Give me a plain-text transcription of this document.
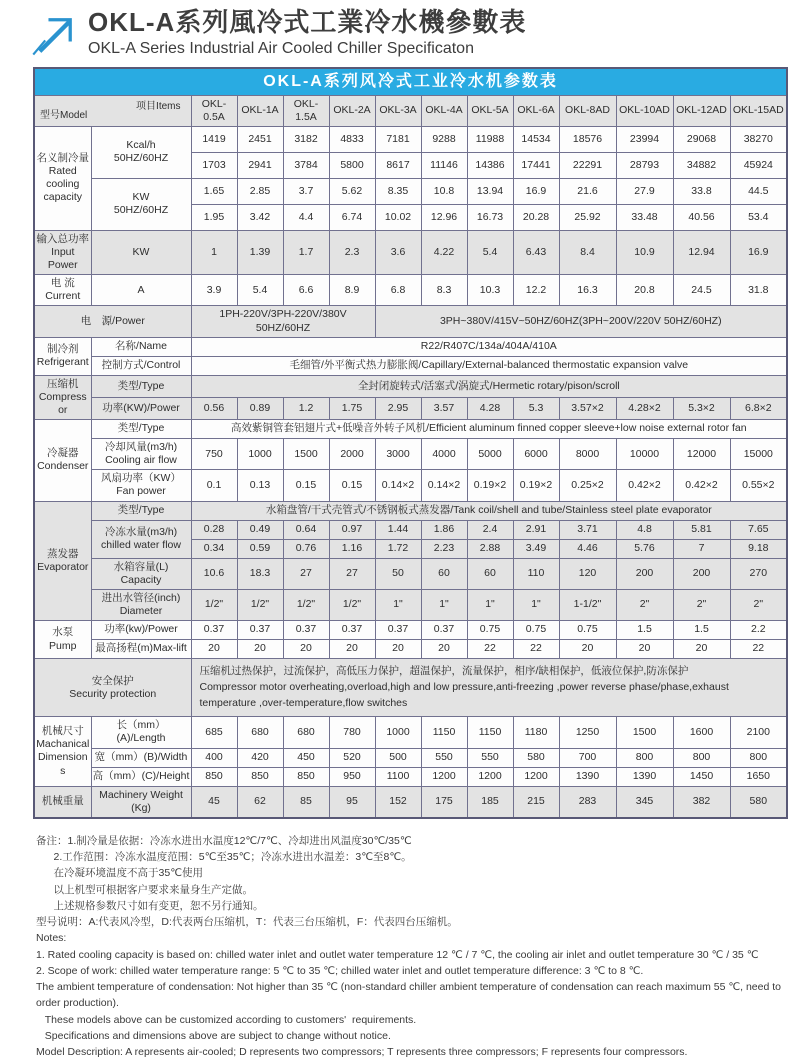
OKL-A系列風冷式工業冷水機參數表
OKL-A Series Industrial Air Cooled Chiller Specificaton
OKL-A系列风冷式工业冷水机参数表													

型号Model
项目Items		OKL-0.5A	OKL-1A	OKL-1.5A	OKL-2A	OKL-3A	OKL-4A	OKL-5A	OKL-6A	OKL-8AD	OKL-10AD	OKL-12AD	OKL-15AD
名义制冷量
Rated
cooling
capacity	Kcal/h
50HZ/60HZ	1419	2451	3182	4833	7181	9288	11988	14534	18576	23994	29068	38270
		1703	2941	3784	5800	8617	11146	14386	17441	22291	28793	34882	45924
	KW
50HZ/60HZ	1.65	2.85	3.7	5.62	8.35	10.8	13.94	16.9	21.6	27.9	33.8	44.5
		1.95	3.42	4.4	6.74	10.02	12.96	16.73	20.28	25.92	33.48	40.56	53.4
输入总功率
Input Power	KW	1	1.39	1.7	2.3	3.6	4.22	5.4	6.43	8.4	10.9	12.94	16.9
电 流
Current	A	3.9	5.4	6.6	8.9	6.8	8.3	10.3	12.2	16.3	20.8	24.5	31.8
电　源/Power		1PH-220V/3PH-220V/380V 50HZ/60HZ				3PH~380V/415V~50HZ/60HZ(3PH~200V/220V 50HZ/60HZ)							
制冷剂
Refrigerant	名称/Name	R22/R407C/134a/404A/410A											
	控制方式/Control	毛细管/外平衡式热力膨胀阀/Capillary/External-balanced thermostatic expansion valve											
压缩机
Compressor	类型/Type	全封闭旋转式/活塞式/涡旋式/Hermetic rotary/pison/scroll											
	功率(KW)/Power	0.56	0.89	1.2	1.75	2.95	3.57	4.28	5.3	3.57×2	4.28×2	5.3×2	6.8×2
冷凝器
Condenser	类型/Type	高效紫铜管套铝翅片式+低噪音外转子风机/Efficient aluminum finned copper sleeve+low noise external rotor fan											
	冷却风量(m3/h)
Cooling air flow	750	1000	1500	2000	3000	4000	5000	6000	8000	10000	12000	15000
	风扇功率（KW）
Fan power	0.1	0.13	0.15	0.15	0.14×2	0.14×2	0.19×2	0.19×2	0.25×2	0.42×2	0.42×2	0.55×2
蒸发器
Evaporator	类型/Type	水箱盘管/干式壳管式/不锈钢板式蒸发器/Tank coil/shell and tube/Stainless steel plate evaporator											
	冷冻水量(m3/h)
chilled water flow	0.28	0.49	0.64	0.97	1.44	1.86	2.4	2.91	3.71	4.8	5.81	7.65
		0.34	0.59	0.76	1.16	1.72	2.23	2.88	3.49	4.46	5.76	7	9.18
	水箱容量(L)
Capacity	10.6	18.3	27	27	50	60	60	110	120	200	200	270
	进出水管径(inch)
Diameter	1/2"	1/2"	1/2"	1/2"	1"	1"	1"	1"	1-1/2"	2"	2"	2"
水泵
Pump	功率(kw)/Power	0.37	0.37	0.37	0.37	0.37	0.37	0.75	0.75	0.75	1.5	1.5	2.2
	最高扬程(m)Max-lift	20	20	20	20	20	20	22	22	20	20	20	22
安全保护
Security protection		压缩机过热保护，过流保护，高低压力保护，超温保护，流量保护，相序/缺相保护，低液位保护,防冻保护
Compressor motor overheating,overload,high and low pressure,anti-freezing ,power reverse phase/phase,exhaust temperature ,over-temperature,flow switches											
机械尺寸
Machanical
Dimensions	长（mm）(A)/Length	685	680	680	780	1000	1150	1150	1180	1250	1500	1600	2100
	宽（mm）(B)/Width	400	420	450	520	500	550	550	580	700	800	800	800
	高（mm）(C)/Height	850	850	850	950	1100	1200	1200	1200	1390	1390	1450	1650
机械重量	Machinery Weight
(Kg)	45	62	85	95	152	175	185	215	283	345	382	580
备注：1.制冷量是依据：冷冻水进出水温度12℃/7℃、冷却进出风温度30℃/35℃
2.工作范围：冷冻水温度范围：5℃至35℃；冷冻水进出水温差：3℃至8℃。
在冷凝环境温度不高于35℃使用
以上机型可根据客户要求来量身生产定做。
上述规格参数尺寸如有变更，恕不另行通知。
型号说明：A:代表风冷型，D:代表两台压缩机，T：代表三台压缩机，F：代表四台压缩机。
Notes:
1. Rated cooling capacity is based on: chilled water inlet and outlet water temperature 12 ℃ / 7 ℃, the cooling air inlet and outlet temperature 30 ℃ / 35 ℃
2. Scope of work: chilled water temperature range: 5 ℃ to 35 ℃; chilled water inlet and outlet temperature difference: 3 ℃ to 8 ℃.
The ambient temperature of condensation: Not higher than 35 ℃ (non-standard chiller ambient temperature of condensation can reach maximum 55 ℃, need to order production).
These models above can be customized according to customers'  requirements.
Specifications and dimensions above are subject to change without notice.
Model Description: A represents air-cooled; D represents two compressors; T represents three compressors; F represents four compressors.
